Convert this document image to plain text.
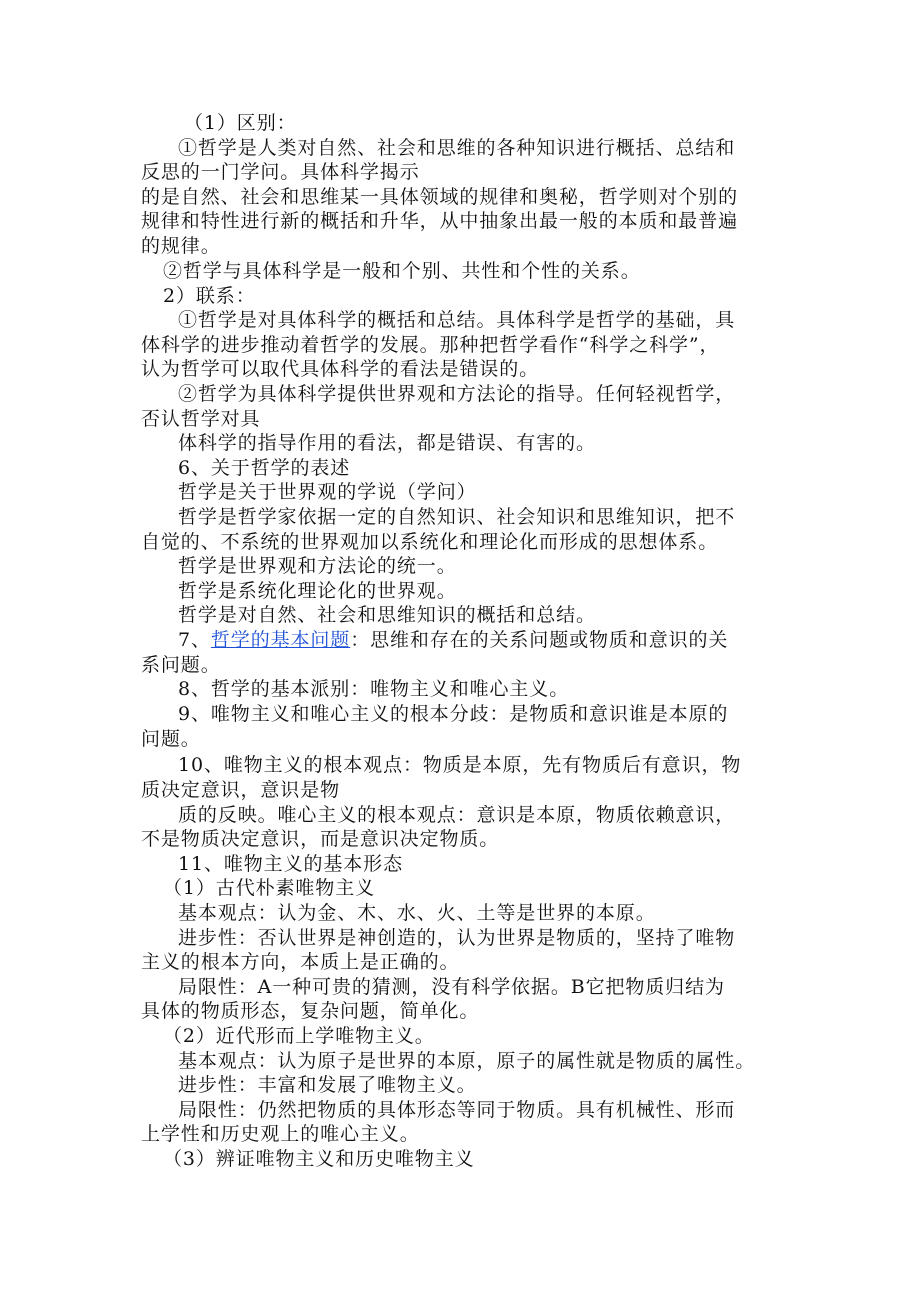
（1）区别：
①哲学是人类对自然、社会和思维的各种知识进行概括、总结和
反思的一门学问。具体科学揭示
的是自然、社会和思维某一具体领域的规律和奥秘，哲学则对个别的
规律和特性进行新的概括和升华，从中抽象出最一般的本质和最普遍
的规律。
②哲学与具体科学是一般和个别、共性和个性的关系。
2）联系：
①哲学是对具体科学的概括和总结。具体科学是哲学的基础，具
体科学的进步推动着哲学的发展。那种把哲学看作“科学之科学”，
认为哲学可以取代具体科学的看法是错误的。
②哲学为具体科学提供世界观和方法论的指导。任何轻视哲学，
否认哲学对具
体科学的指导作用的看法，都是错误、有害的。
6、关于哲学的表述
哲学是关于世界观的学说（学问）
哲学是哲学家依据一定的自然知识、社会知识和思维知识，把不
自觉的、不系统的世界观加以系统化和理论化而形成的思想体系。
哲学是世界观和方法论的统一。
哲学是系统化理论化的世界观。
哲学是对自然、社会和思维知识的概括和总结。
7、哲学的基本问题：思维和存在的关系问题或物质和意识的关
系问题。
8、哲学的基本派别：唯物主义和唯心主义。
9、唯物主义和唯心主义的根本分歧：是物质和意识谁是本原的
问题。
10、唯物主义的根本观点：物质是本原，先有物质后有意识，物
质决定意识，意识是物
质的反映。唯心主义的根本观点：意识是本原，物质依赖意识，
不是物质决定意识，而是意识决定物质。
11、唯物主义的基本形态
（1）古代朴素唯物主义
基本观点：认为金、木、水、火、土等是世界的本原。
进步性：否认世界是神创造的，认为世界是物质的，坚持了唯物
主义的根本方向，本质上是正确的。
局限性：A一种可贵的猜测，没有科学依据。B它把物质归结为
具体的物质形态，复杂问题，简单化。
（2）近代形而上学唯物主义。
基本观点：认为原子是世界的本原，原子的属性就是物质的属性。
进步性：丰富和发展了唯物主义。
局限性：仍然把物质的具体形态等同于物质。具有机械性、形而
上学性和历史观上的唯心主义。
（3）辨证唯物主义和历史唯物主义
